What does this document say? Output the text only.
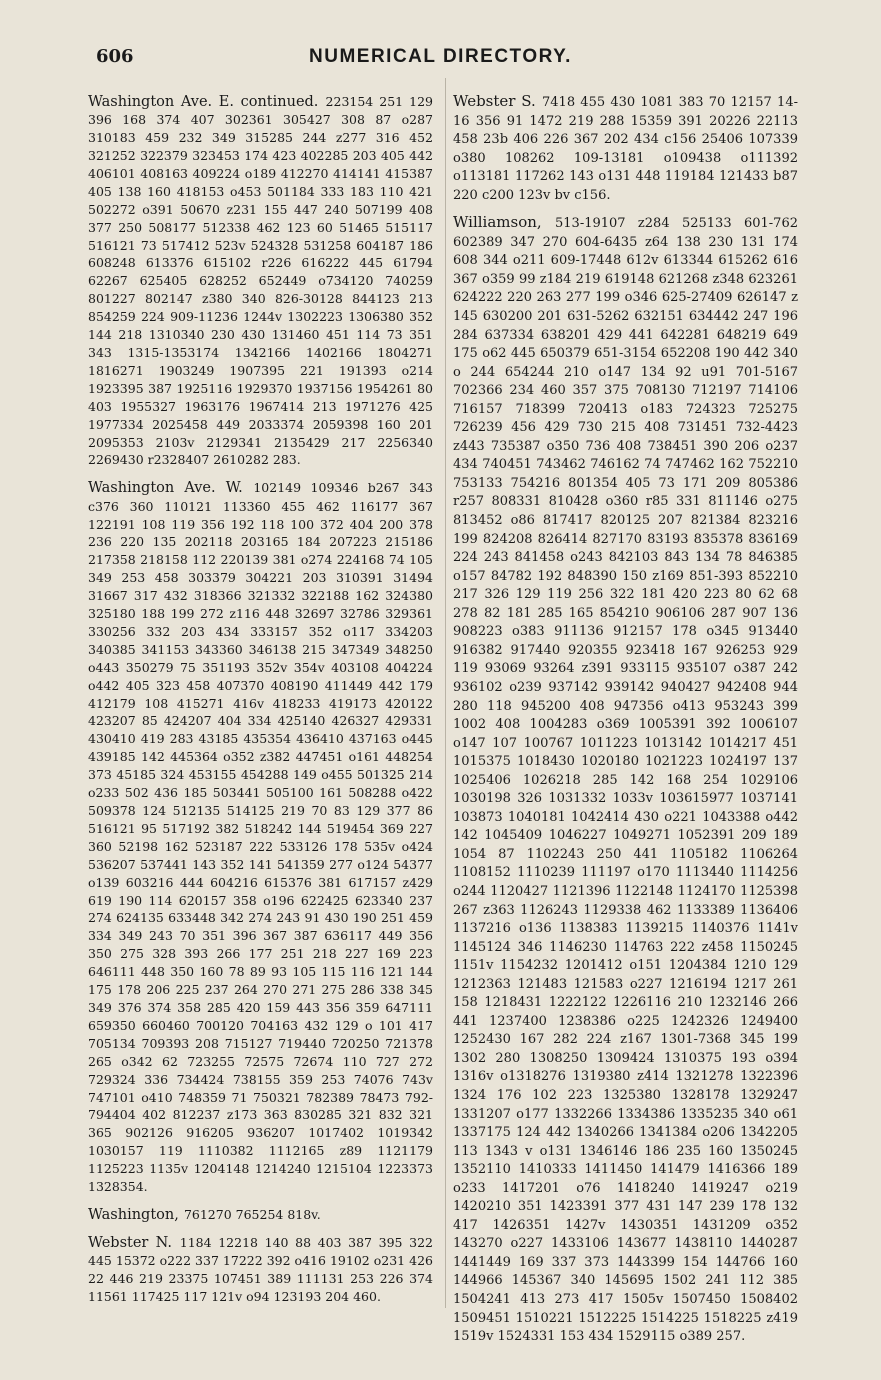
606	NUMERICAL DIRECTORY.
Washington Ave. E. continued. 223154 251 129 396 168 374 407 302361 305427 308 87 o287 310183 459 232 349 315285 244 z277 316 452 321252 322379 323453 174 423 402285 203 405 442 406101 408163 409224 o189 412270 414141 415387 405 138 160 418153 o453 501184 333 183 110 421 502272 o391 50670 z231 155 447 240 507199 408 377 250 508177 512338 462 123 60 51465 515117 516121 73 517412 523v 524328 531258 604187 186 608248 613376 615102 r226 616222 445 61794 62267 625405 628252 652449 o734120 740259 801227 802147 z380 340 826-30128 844123 213 854259 224 909-11236 1244v 1302223 1306380 352 144 218 1310340 230 430 131460 451 114 73 351 343 1315-1353174 1342166 1402166 1804271 1816271 1903249 1907395 221 191393 o214 1923395 387 1925116 1929370 1937156 1954261 80 403 1955327 1963176 1967414 213 1971276 425 1977334 2025458 449 2033374 2059398 160 201 2095353 2103v 2129341 2135429 217 2256340 2269430 r2328407 2610282 283.
Washington Ave. W. 102149 109346 b267 343 c376 360 110121 113360 455 462 116177 367 122191 108 119 356 192 118 100 372 404 200 378 236 220 135 202118 203165 184 207223 215186 217358 218158 112 220139 381 o274 224168 74 105 349 253 458 303379 304221 203 310391 31494 31667 317 432 318366 321332 322188 162 324380 325180 188 199 272 z116 448 32697 32786 329361 330256 332 203 434 333157 352 o117 334203 340385 341153 343360 346138 215 347349 348250 o443 350279 75 351193 352v 354v 403108 404224 o442 405 323 458 407370 408190 411449 442 179 412179 108 415271 416v 418233 419173 420122 423207 85 424207 404 334 425140 426327 429331 430410 419 283 43185 435354 436410 437163 o445 439185 142 445364 o352 z382 447451 o161 448254 373 45185 324 453155 454288 149 o455 501325 214 o233 502 436 185 503441 505100 161 508288 o422 509378 124 512135 514125 219 70 83 129 377 86 516121 95 517192 382 518242 144 519454 369 227 360 52198 162 523187 222 533126 178 535v o424 536207 537441 143 352 141 541359 277 o124 54377 o139 603216 444 604216 615376 381 617157 z429 619 190 114 620157 358 o196 622425 623340 237 274 624135 633448 342 274 243 91 430 190 251 459 334 349 243 70 351 396 367 387 636117 449 356 350 275 328 393 266 177 251 218 227 169 223 646111 448 350 160 78 89 93 105 115 116 121 144 175 178 206 225 237 264 270 271 275 286 338 345 349 376 374 358 285 420 159 443 356 359 647111 659350 660460 700120 704163 432 129 o 101 417 705134 709393 208 715127 719440 720250 721378 265 o342 62 723255 72575 72674 110 727 272 729324 336 734424 738155 359 253 74076 743v 747101 o410 748359 71 750321 782389 78473 792-794404 402 812237 z173 363 830285 321 832 321 365 902126 916205 936207 1017402 1019342 1030157 119 1110382 1112165 z89 1121179 1125223 1135v 1204148 1214240 1215104 1223373 1328354.
Washington, 761270 765254 818v.
Webster N. 1184 12218 140 88 403 387 395 322 445 15372 o222 337 17222 392 o416 19102 o231 426 22 446 219 23375 107451 389 111131 253 226 374 11561 117425 117 121v o94 123193 204 460.
Webster S. 7418 455 430 1081 383 70 12157 14-16 356 91 1472 219 288 15359 391 20226 22113 458 23b 406 226 367 202 434 c156 25406 107339 o380 108262 109-13181 o109438 o111392 o113181 117262 143 o131 448 119184 121433 b87 220 c200 123v bv c156.
Williamson, 513-19107 z284 525133 601-762 602389 347 270 604-6435 z64 138 230 131 174 608 344 o211 609-17448 612v 613344 615262 616 367 o359 99 z184 219 619148 621268 z348 623261 624222 220 263 277 199 o346 625-27409 626147 z 145 630200 201 631-5262 632151 634442 247 196 284 637334 638201 429 441 642281 648219 649 175 o62 445 650379 651-3154 652208 190 442 340 o 244 654244 210 o147 134 92 u91 701-5167 702366 234 460 357 375 708130 712197 714106 716157 718399 720413 o183 724323 725275 726239 456 429 730 215 408 731451 732-4423 z443 735387 o350 736 408 738451 390 206 o237 434 740451 743462 746162 74 747462 162 752210 753133 754216 801354 405 73 171 209 805386 r257 808331 810428 o360 r85 331 811146 o275 813452 o86 817417 820125 207 821384 823216 199 824208 826414 827170 83193 835378 836169 224 243 841458 o243 842103 843 134 78 846385 o157 84782 192 848390 150 z169 851-393 852210 217 326 129 119 256 322 181 420 223 80 62 68 278 82 181 285 165 854210 906106 287 907 136 908223 o383 911136 912157 178 o345 913440 916382 917440 920355 923418 167 926253 929 119 93069 93264 z391 933115 935107 o387 242 936102 o239 937142 939142 940427 942408 944 280 118 945200 408 947356 o413 953243 399 1002 408 1004283 o369 1005391 392 1006107 o147 107 100767 1011223 1013142 1014217 451 1015375 1018430 1020180 1021223 1024197 137 1025406 1026218 285 142 168 254 1029106 1030198 326 1031332 1033v 103615977 1037141 103873 1040181 1042414 430 o221 1043388 o442 142 1045409 1046227 1049271 1052391 209 189 1054 87 1102243 250 441 1105182 1106264 1108152 1110239 111197 o170 1113440 1114256 o244 1120427 1121396 1122148 1124170 1125398 267 z363 1126243 1129338 462 1133389 1136406 1137216 o136 1138383 1139215 1140376 1141v 1145124 346 1146230 114763 222 z458 1150245 1151v 1154232 1201412 o151 1204384 1210 129 1212363 121483 121583 o227 1216194 1217 261 158 1218431 1222122 1226116 210 1232146 266 441 1237400 1238386 o225 1242326 1249400 1252430 167 282 224 z167 1301-7368 345 199 1302 280 1308250 1309424 1310375 193 o394 1316v o1318276 1319380 z414 1321278 1322396 1324 176 102 223 1325380 1328178 1329247 1331207 o177 1332266 1334386 1335235 340 o61 1337175 124 442 1340266 1341384 o206 1342205 113 1343 v o131 1346146 186 235 160 1350245 1352110 1410333 1411450 141479 1416366 189 o233 1417201 o76 1418240 1419247 o219 1420210 351 1423391 377 431 147 239 178 132 417 1426351 1427v 1430351 1431209 o352 143270 o227 1433106 143677 1438110 1440287 1441449 169 337 373 1443399 154 144766 160 144966 145367 340 145695 1502 241 112 385 1504241 413 273 417 1505v 1507450 1508402 1509451 1510221 1512225 1514225 1518225 z419 1519v 1524331 153 434 1529115 o389 257.
